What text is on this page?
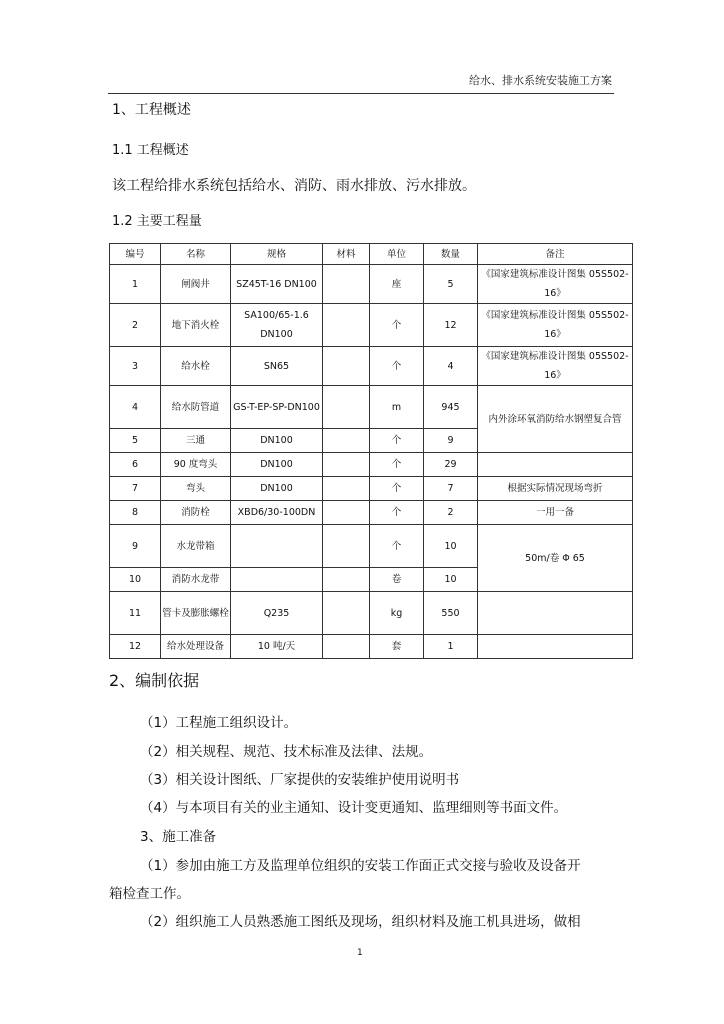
给水、排水系统安装施工方案
1、工程概述
1.1 工程概述
该工程给排水系统包括给水、消防、雨水排放、污水排放。
1.2 主要工程量
编号	名称	规格	材料	单位	数量	备注
1	闸阀井	SZ45T-16 DN100		座	5	《国家建筑标准设计图集 05S502-16》
2	地下消火栓	SA100/65-1.6 DN100		个	12	《国家建筑标准设计图集 05S502-16》
3	给水栓	SN65		个	4	《国家建筑标准设计图集 05S502-16》
4	给水防管道	GS-T-EP-SP-DN100		m	945	内外涂环氧消防给水钢塑复合管
5	三通	DN100		个	9	
6	90 度弯头	DN100		个	29	
7	弯头	DN100		个	7	根据实际情况现场弯折
8	消防栓	XBD6/30-100DN		个	2	一用一备
9	水龙带箱			个	10	50m/卷 Φ 65
10	消防水龙带			卷	10	
11	管卡及膨胀螺栓	Q235		kg	550	
12	给水处理设备	10 吨/天		套	1	
2、编制依据
（1）工程施工组织设计。
（2）相关规程、规范、技术标准及法律、法规。
（3）相关设计图纸、厂家提供的安装维护使用说明书
（4）与本项目有关的业主通知、设计变更通知、监理细则等书面文件。
3、施工准备
（1）参加由施工方及监理单位组织的安装工作面正式交接与验收及设备开
箱检查工作。
（2）组织施工人员熟悉施工图纸及现场，组织材料及施工机具进场，做相
1
